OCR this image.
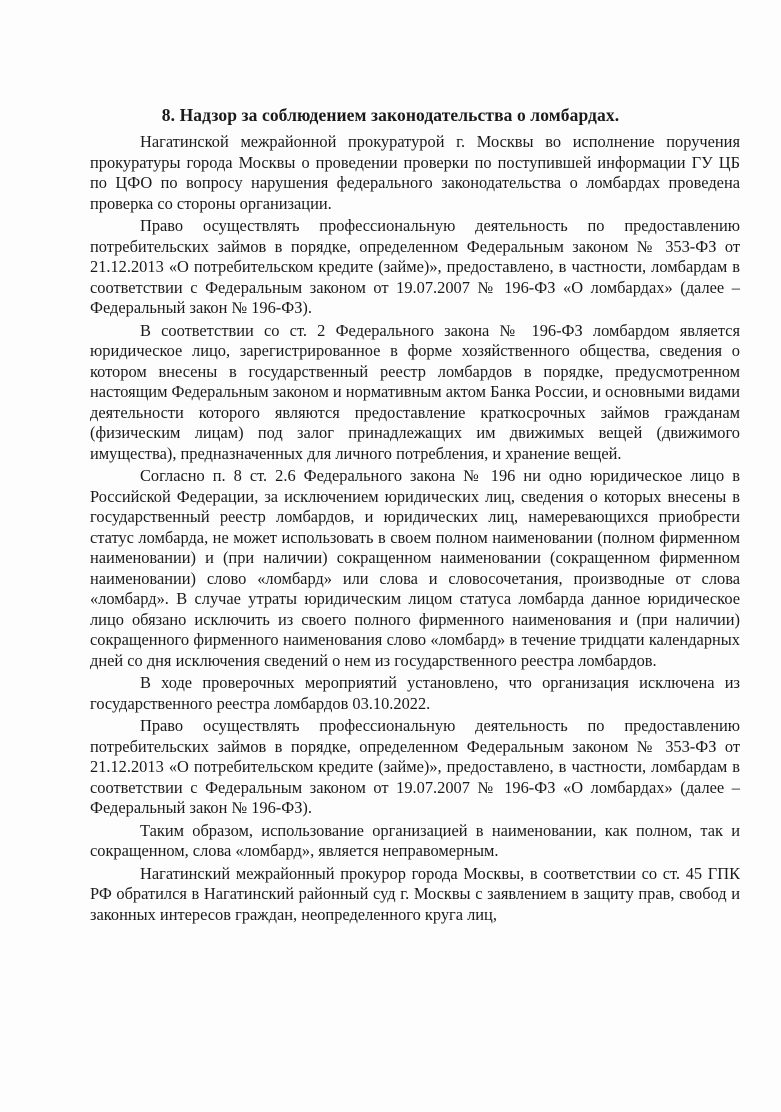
8. Надзор за соблюдением законодательства о ломбардах.

Нагатинской межрайонной прокуратурой г. Москвы во исполнение поручения прокуратуры города Москвы о проведении проверки по поступившей информации ГУ ЦБ по ЦФО по вопросу нарушения федерального законодательства о ломбардах проведена проверка со стороны организации.

Право осуществлять профессиональную деятельность по предоставлению потребительских займов в порядке, определенном Федеральным законом № 353-ФЗ от 21.12.2013 «О потребительском кредите (займе)», предоставлено, в частности, ломбардам в соответствии с Федеральным законом от 19.07.2007 № 196-ФЗ «О ломбардах» (далее – Федеральный закон № 196-ФЗ).

В соответствии со ст. 2 Федерального закона № 196-ФЗ ломбардом является юридическое лицо, зарегистрированное в форме хозяйственного общества, сведения о котором внесены в государственный реестр ломбардов в порядке, предусмотренном настоящим Федеральным законом и нормативным актом Банка России, и основными видами деятельности которого являются предоставление краткосрочных займов гражданам (физическим лицам) под залог принадлежащих им движимых вещей (движимого имущества), предназначенных для личного потребления, и хранение вещей.

Согласно п. 8 ст. 2.6 Федерального закона № 196 ни одно юридическое лицо в Российской Федерации, за исключением юридических лиц, сведения о которых внесены в государственный реестр ломбардов, и юридических лиц, намеревающихся приобрести статус ломбарда, не может использовать в своем полном наименовании (полном фирменном наименовании) и (при наличии) сокращенном наименовании (сокращенном фирменном наименовании) слово «ломбард» или слова и словосочетания, производные от слова «ломбард». В случае утраты юридическим лицом статуса ломбарда данное юридическое лицо обязано исключить из своего полного фирменного наименования и (при наличии) сокращенного фирменного наименования слово «ломбард» в течение тридцати календарных дней со дня исключения сведений о нем из государственного реестра ломбардов.

В ходе проверочных мероприятий установлено, что организация исключена из государственного реестра ломбардов 03.10.2022.

Право осуществлять профессиональную деятельность по предоставлению потребительских займов в порядке, определенном Федеральным законом № 353-ФЗ от 21.12.2013 «О потребительском кредите (займе)», предоставлено, в частности, ломбардам в соответствии с Федеральным законом от 19.07.2007 № 196-ФЗ «О ломбардах» (далее – Федеральный закон № 196-ФЗ).

Таким образом, использование организацией в наименовании, как полном, так и сокращенном, слова «ломбард», является неправомерным.

Нагатинский межрайонный прокурор города Москвы, в соответствии со ст. 45 ГПК РФ обратился в Нагатинский районный суд г. Москвы с заявлением в защиту прав, свобод и законных интересов граждан, неопределенного круга лиц,
